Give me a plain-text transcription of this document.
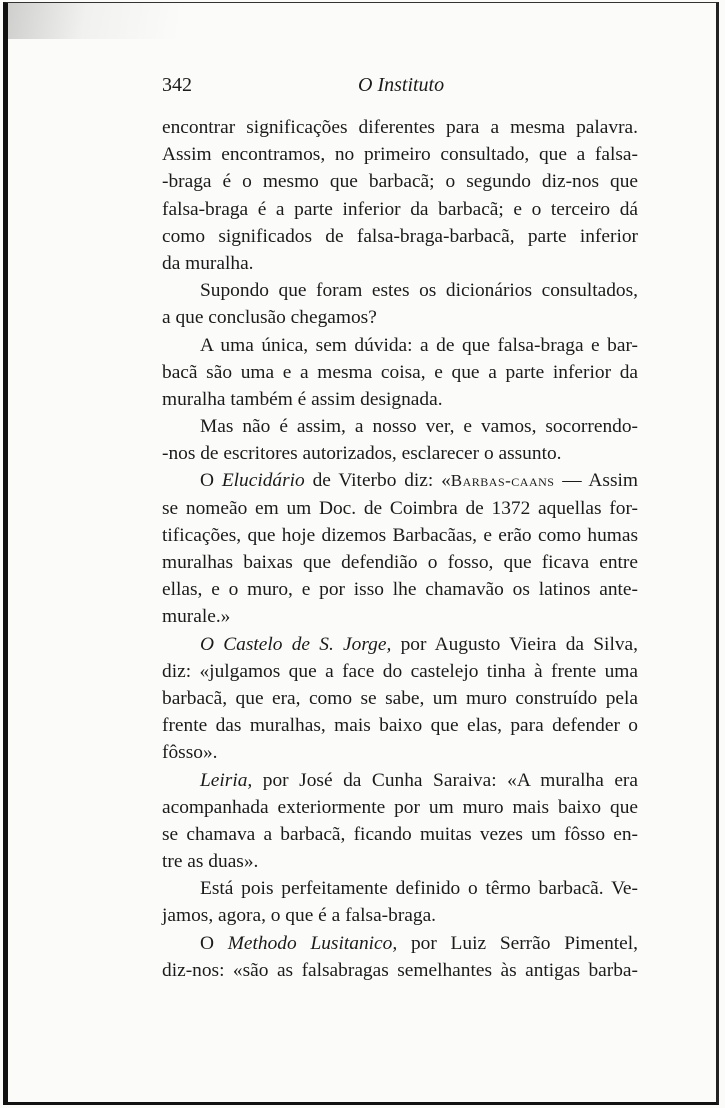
342	O Instituto
encontrar significações diferentes para a mesma palavra.
Assim encontramos, no primeiro consultado, que a falsa-
-braga é o mesmo que barbacã; o segundo diz-nos que
falsa-braga é a parte inferior da barbacã; e o terceiro dá
como significados de falsa-braga-barbacã, parte inferior
da muralha.
Supondo que foram estes os dicionários consultados,
a que conclusão chegamos?
A uma única, sem dúvida: a de que falsa-braga e bar-
bacã são uma e a mesma coisa, e que a parte inferior da
muralha também é assim designada.
Mas não é assim, a nosso ver, e vamos, socorrendo-
-nos de escritores autorizados, esclarecer o assunto.
O Elucidário de Viterbo diz: «Barbas-caans — Assim
se nomeão em um Doc. de Coimbra de 1372 aquellas for-
tificações, que hoje dizemos Barbacãas, e erão como humas
muralhas baixas que defendião o fosso, que ficava entre
ellas, e o muro, e por isso lhe chamavão os latinos ante-
murale.»
O Castelo de S. Jorge, por Augusto Vieira da Silva,
diz: «julgamos que a face do castelejo tinha à frente uma
barbacã, que era, como se sabe, um muro construído pela
frente das muralhas, mais baixo que elas, para defender o
fôsso».
Leiria, por José da Cunha Saraiva: «A muralha era
acompanhada exteriormente por um muro mais baixo que
se chamava a barbacã, ficando muitas vezes um fôsso en-
tre as duas».
Está pois perfeitamente definido o têrmo barbacã. Ve-
jamos, agora, o que é a falsa-braga.
O Methodo Lusitanico, por Luiz Serrão Pimentel,
diz-nos: «são as falsabragas semelhantes às antigas barba-
